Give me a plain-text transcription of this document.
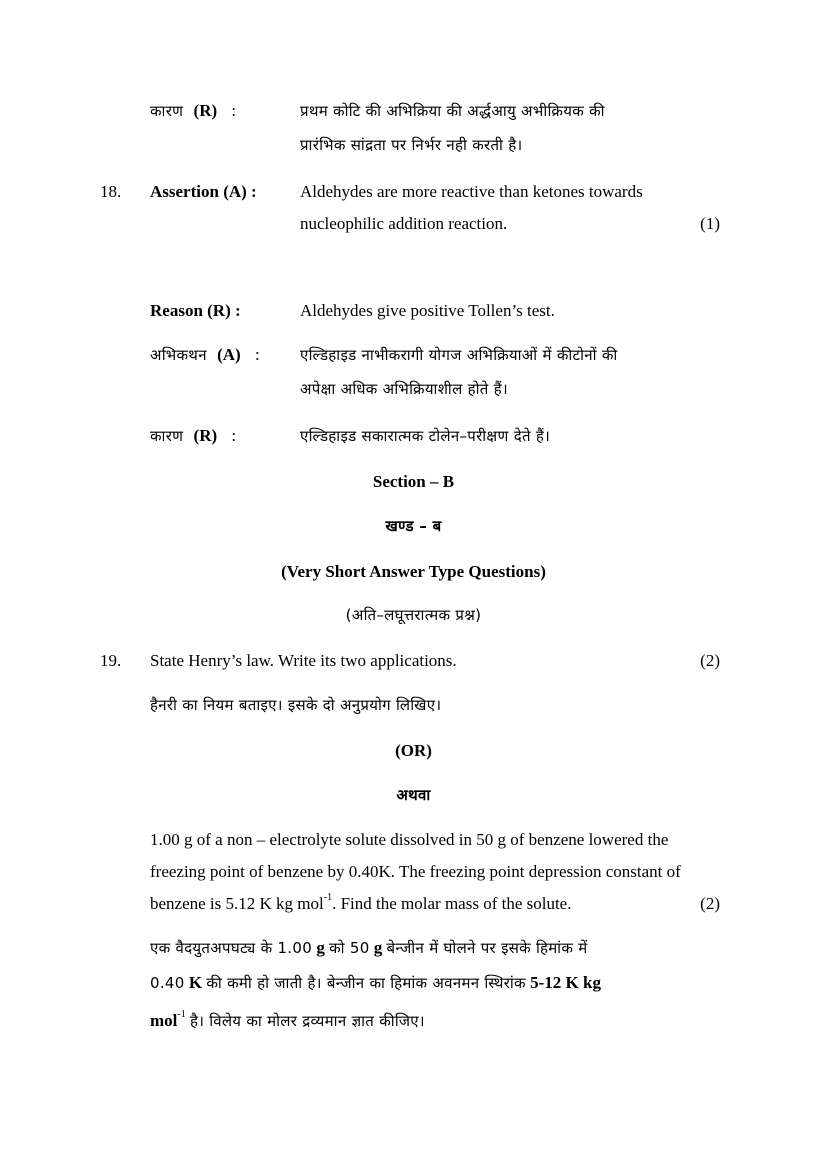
कारण (R) :	प्रथम कोटि की अभिक्रिया की अर्द्धआयु अभीक्रियक की
प्रारंभिक सांद्रता पर निर्भर नही करती है।
18. Assertion (A) :	Aldehydes are more reactive than ketones towards
nucleophilic addition reaction.	(1)
Reason (R) :	Aldehydes give positive Tollen’s test.
अभिकथन (A) :	एल्डिहाइड नाभीकरागी योगज अभिक्रियाओं में कीटोनों की
अपेक्षा अधिक अभिक्रियाशील होते हैं।
कारण (R) :	एल्डिहाइड सकारात्मक टोलेन–परीक्षण देते हैं।
Section – B
खण्ड – ब
(Very Short Answer Type Questions)
(अति–लघूत्तरात्मक प्रश्न)
19. State Henry’s law. Write its two applications.	(2)
हैनरी का नियम बताइए। इसके दो अनुप्रयोग लिखिए।
(OR)
अथवा
1.00 g of a non – electrolyte solute dissolved in 50 g of benzene lowered the
freezing point of benzene by 0.40K. The freezing point depression constant of
benzene is 5.12 K kg mol$^{-1}$. Find the molar mass of the solute.	(2)
एक वैदयुतअपघट्य के 1.00 g को 50 g बेन्जीन में घोलने पर इसके हिमांक में
0.40 K की कमी हो जाती है। बेन्जीन का हिमांक अवनमन स्थिरांक 5-12 K kg
mol$^{-1}$ है। विलेय का मोलर द्रव्यमान ज्ञात कीजिए।
